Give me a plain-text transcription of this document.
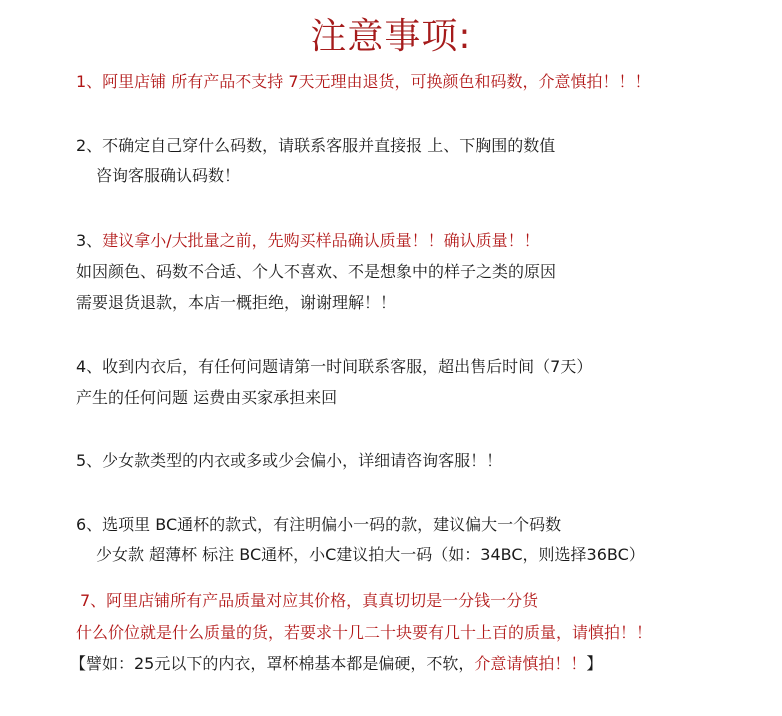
注意事项:
1、阿里店铺 所有产品不支持 7天无理由退货，可换颜色和码数，介意慎拍！！！
2、不确定自己穿什么码数，请联系客服并直接报 上、下胸围的数值
咨询客服确认码数！
3、建议拿小/大批量之前，先购买样品确认质量！！确认质量！！
如因颜色、码数不合适、个人不喜欢、不是想象中的样子之类的原因
需要退货退款，本店一概拒绝，谢谢理解！！
4、收到内衣后，有任何问题请第一时间联系客服，超出售后时间（7天）
产生的任何问题 运费由买家承担来回
5、少女款类型的内衣或多或少会偏小，详细请咨询客服！！
6、选项里 BC通杯的款式，有注明偏小一码的款，建议偏大一个码数
少女款 超薄杯 标注 BC通杯，小C建议拍大一码（如：34BC，则选择36BC）
7、阿里店铺所有产品质量对应其价格，真真切切是一分钱一分货
什么价位就是什么质量的货，若要求十几二十块要有几十上百的质量，请慎拍！！
【譬如：25元以下的内衣，罩杯棉基本都是偏硬，不软，介意请慎拍！！】
